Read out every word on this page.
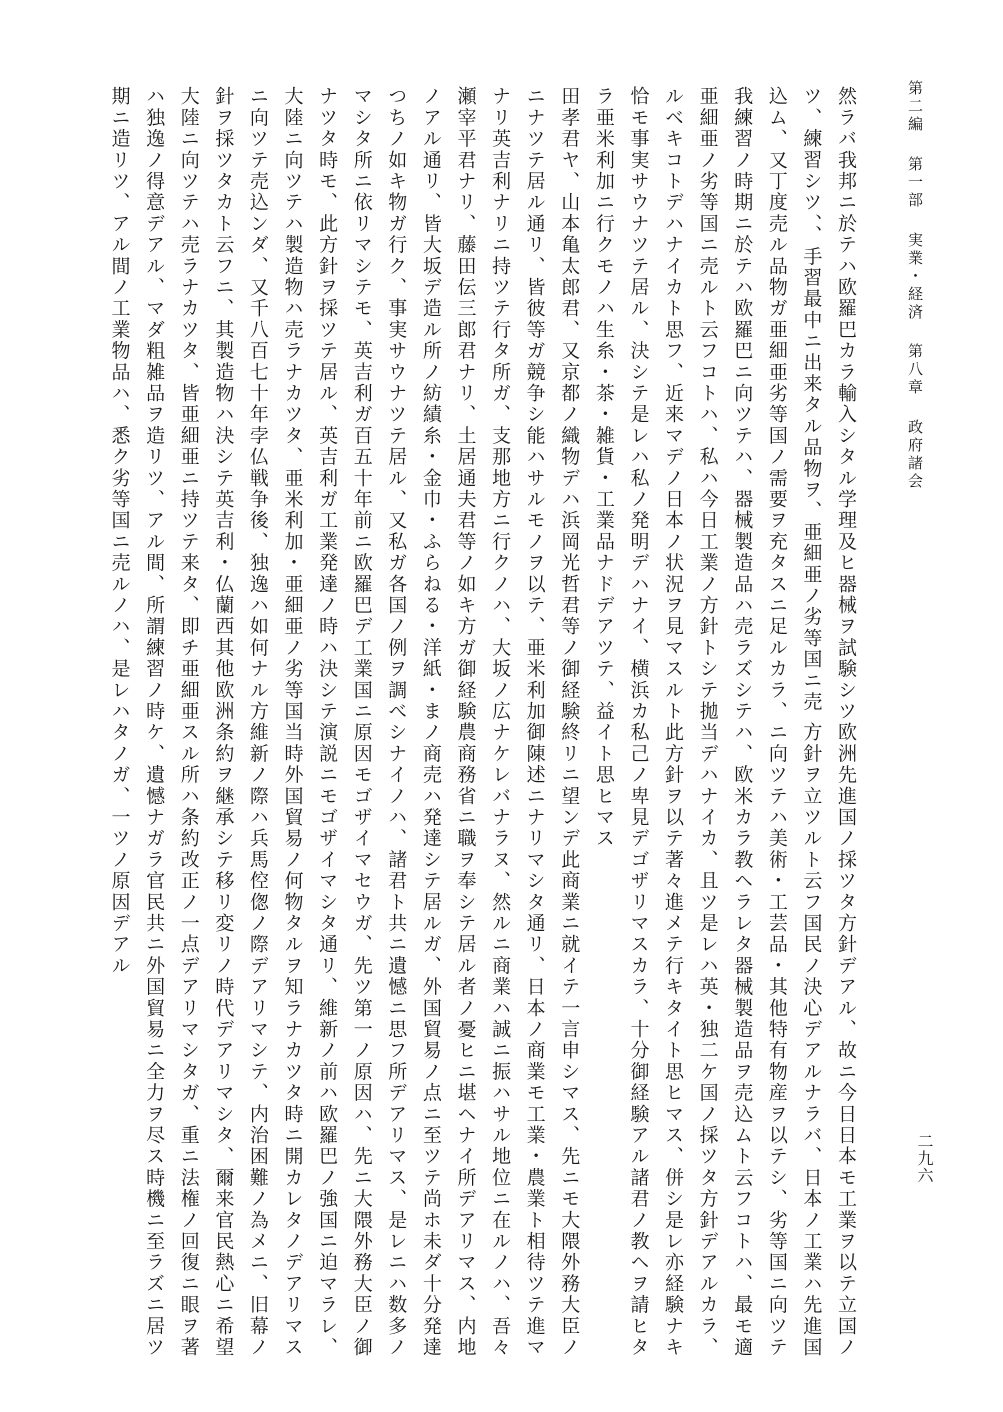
第二編 第一部 実業・経済 第八章 政府諸会
然ラバ我邦ニ於テハ欧羅巴カラ輸入シタル学理及ヒ器械ヲ試験シツ
ツ、練習シツ、、手習最中ニ出来タル品物ヲ、亜細亜ノ劣等国ニ売
込ム、又丁度売ル品物ガ亜細亜劣等国ノ需要ヲ充タスニ足ルカラ、
我練習ノ時期ニ於テハ欧羅巴ニ向ツテハ、器械製造品ハ売ラズシテ
亜細亜ノ劣等国ニ売ルト云フコトハ、私ハ今日工業ノ方針トシテ拋
ルベキコトデハナイカト思フ、近来マデノ日本ノ状況ヲ見マスルト
恰モ事実サウナツテ居ル、決シテ是レハ私ノ発明デハナイ、横浜カ
ラ亜米利加ニ行クモノハ生糸・茶・雑貨・工業品ナドデアツテ、益
田孝君ヤ、山本亀太郎君、又京都ノ織物デハ浜岡光哲君等ノ御経験
ニナツテ居ル通リ、皆彼等ガ競争シ能ハサルモノヲ以テ、亜米利加
ナリ英吉利ナリニ持ツテ行タ所ガ、支那地方ニ行クノハ、大坂ノ広
瀬宰平君ナリ、藤田伝三郎君ナリ、土居通夫君等ノ如キ方ガ御経験
ノアル通リ、皆大坂デ造ル所ノ紡績糸・金巾・ふらねる・洋紙・ま
つちノ如キ物ガ行ク、事実サウナツテ居ル、又私ガ各国ノ例ヲ調べ
マシタ所ニ依リマシテモ、英吉利ガ百五十年前ニ欧羅巴デ工業国ニ
ナツタ時モ、此方針ヲ採ツテ居ル、英吉利ガ工業発達ノ時ハ決シテ
大陸ニ向ツテハ製造物ハ売ラナカツタ、亜米利加・亜細亜ノ劣等国
ニ向ツテ売込ンダ、又千八百七十年孛仏戦争後、独逸ハ如何ナル方
針ヲ採ツタカト云フニ、其製造物ハ決シテ英吉利・仏蘭西其他欧洲
大陸ニ向ツテハ売ラナカツタ、皆亜細亜ニ持ツテ来タ、即チ亜細亜
ハ独逸ノ得意デアル、マダ粗雑品ヲ造リツ、アル間、所謂練習ノ時
期ニ造リツ、アル間ノ工業物品ハ、悉ク劣等国ニ売ルノハ、是レハ
欧洲先進国ノ採ツタ方針デアル、故ニ今日日本モ工業ヲ以テ立国ノ
方針ヲ立ツルト云フ国民ノ決心デアルナラバ、日本ノ工業ハ先進国
ニ向ツテハ美術・工芸品・其他特有物産ヲ以テシ、劣等国ニ向ツテ
ハ、欧米カラ教ヘラレタ器械製造品ヲ売込ムト云フコトハ、最モ適
当デハナイカ、且ツ是レハ英・独二ケ国ノ採ツタ方針デアルカラ、
此方針ヲ以テ著々進メテ行キタイト思ヒマス、併シ是レ亦経験ナキ
私己ノ卑見デゴザリマスカラ、十分御経験アル諸君ノ教ヘヲ請ヒタ
イト思ヒマス
終リニ望ンデ此商業ニ就イテ一言申シマス、先ニモ大隈外務大臣ノ
御陳述ニナリマシタ通リ、日本ノ商業モ工業・農業ト相待ツテ進マ
ナケレバナラヌ、然ルニ商業ハ誠ニ振ハサル地位ニ在ルノハ、吾々
農商務省ニ職ヲ奉シテ居ル者ノ憂ヒニ堪ヘナイ所デアリマス、内地
ノ商売ハ発達シテ居ルガ、外国貿易ノ点ニ至ツテ尚ホ未ダ十分発達
シナイノハ、諸君ト共ニ遺憾ニ思フ所デアリマス、是レニハ数多ノ
原因モゴザイマセウガ、先ツ第一ノ原因ハ、先ニ大隈外務大臣ノ御
演説ニモゴザイマシタ通リ、維新ノ前ハ欧羅巴ノ強国ニ迫マラレ、
当時外国貿易ノ何物タルヲ知ラナカツタ時ニ開カレタノデアリマス
維新ノ際ハ兵馬倥偬ノ際デアリマシテ、内治困難ノ為メニ、旧幕ノ
条約ヲ継承シテ移リ変リノ時代デアリマシタ、爾来官民熱心ニ希望
スル所ハ条約改正ノ一点デアリマシタガ、重ニ法権ノ回復ニ眼ヲ著
ケ、遺憾ナガラ官民共ニ外国貿易ニ全力ヲ尽ス時機ニ至ラズニ居ツ
タノガ、一ツノ原因デアル
二九六
